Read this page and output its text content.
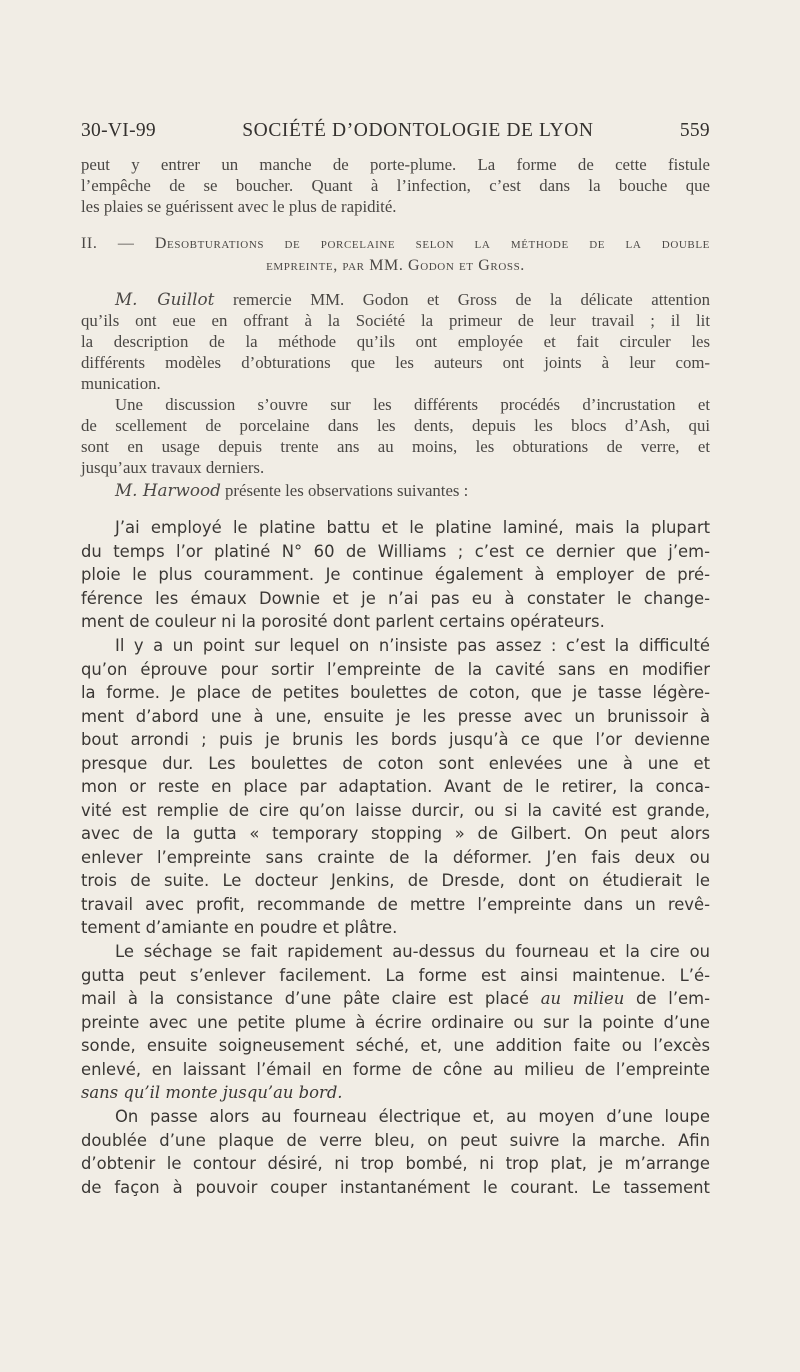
30-VI-99	SOCIÉTÉ D’ODONTOLOGIE DE LYON	559
peut y entrer un manche de porte-plume. La forme de cette fistule
l’empêche de se boucher. Quant à l’infection, c’est dans la bouche que
les plaies se guérissent avec le plus de rapidité.
II. — Desobturations de porcelaine selon la méthode de la double
empreinte, par MM. Godon et Gross.
M. Guillot remercie MM. Godon et Gross de la délicate attention
qu’ils ont eue en offrant à la Société la primeur de leur travail ; il lit
la description de la méthode qu’ils ont employée et fait circuler les
différents modèles d’obturations que les auteurs ont joints à leur com-
munication.
Une discussion s’ouvre sur les différents procédés d’incrustation et
de scellement de porcelaine dans les dents, depuis les blocs d’Ash, qui
sont en usage depuis trente ans au moins, les obturations de verre, et
jusqu’aux travaux derniers.
M. Harwood présente les observations suivantes :
J’ai employé le platine battu et le platine laminé, mais la plupart
du temps l’or platiné N° 60 de Williams ; c’est ce dernier que j’em-
ploie le plus couramment. Je continue également à employer de pré-
férence les émaux Downie et je n’ai pas eu à constater le change-
ment de couleur ni la porosité dont parlent certains opérateurs.
Il y a un point sur lequel on n’insiste pas assez : c’est la difficulté
qu’on éprouve pour sortir l’empreinte de la cavité sans en modifier
la forme. Je place de petites boulettes de coton, que je tasse légère-
ment d’abord une à une, ensuite je les presse avec un brunissoir à
bout arrondi ; puis je brunis les bords jusqu’à ce que l’or devienne
presque dur. Les boulettes de coton sont enlevées une à une et
mon or reste en place par adaptation. Avant de le retirer, la conca-
vité est remplie de cire qu’on laisse durcir, ou si la cavité est grande,
avec de la gutta « temporary stopping » de Gilbert. On peut alors
enlever l’empreinte sans crainte de la déformer. J’en fais deux ou
trois de suite. Le docteur Jenkins, de Dresde, dont on étudierait le
travail avec profit, recommande de mettre l’empreinte dans un revê-
tement d’amiante en poudre et plâtre.
Le séchage se fait rapidement au-dessus du fourneau et la cire ou
gutta peut s’enlever facilement. La forme est ainsi maintenue. L’é-
mail à la consistance d’une pâte claire est placé au milieu de l’em-
preinte avec une petite plume à écrire ordinaire ou sur la pointe d’une
sonde, ensuite soigneusement séché, et, une addition faite ou l’excès
enlevé, en laissant l’émail en forme de cône au milieu de l’empreinte
sans qu’il monte jusqu’au bord.
On passe alors au fourneau électrique et, au moyen d’une loupe
doublée d’une plaque de verre bleu, on peut suivre la marche. Afin
d’obtenir le contour désiré, ni trop bombé, ni trop plat, je m’arrange
de façon à pouvoir couper instantanément le courant. Le tassement
